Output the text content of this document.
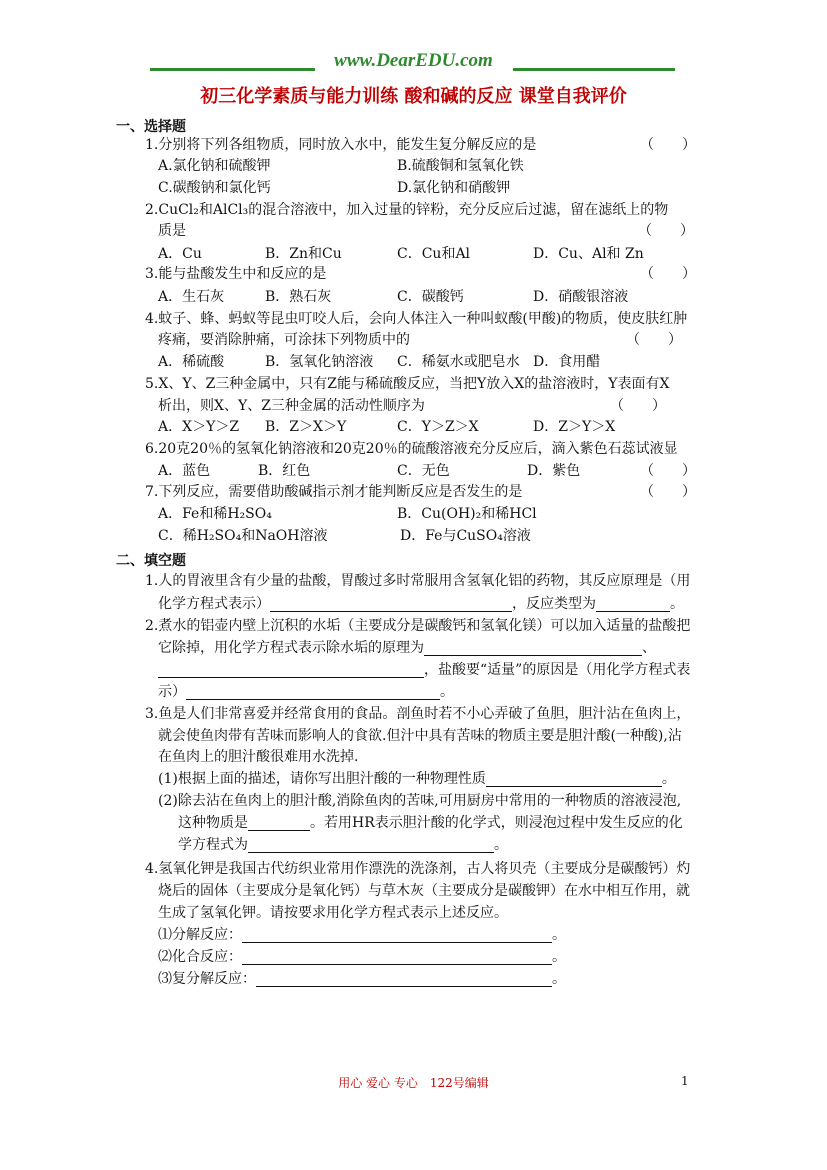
www.DearEDU.com
初三化学素质与能力训练 酸和碱的反应 课堂自我评价
一、选择题
1.分别将下列各组物质，同时放入水中，能发生复分解反应的是	（　　）
A.氯化钠和硫酸钾	B.硫酸铜和氢氧化铁
C.碳酸钠和氯化钙	D.氯化钠和硝酸钾
2.CuCl₂和AlCl₃的混合溶液中，加入过量的锌粉，充分反应后过滤，留在滤纸上的物
质是	（　　）
A．Cu	B．Zn和Cu	C．Cu和Al	D．Cu、Al和 Zn
3.能与盐酸发生中和反应的是	（　　）
A．生石灰	B．熟石灰	C．碳酸钙	D．硝酸银溶液
4.蚊子、蜂、蚂蚁等昆虫叮咬人后，会向人体注入一种叫蚁酸(甲酸)的物质，使皮肤红肿
疼痛，要消除肿痛，可涂抹下列物质中的	（　　）
A．稀硫酸	B．氢氧化钠溶液 C．稀氨水或肥皂水 D．食用醋
5.X、Y、Z三种金属中，只有Z能与稀硫酸反应，当把Y放入X的盐溶液时，Y表面有X
析出，则X、Y、Z三种金属的活动性顺序为	（　　）
A．X＞Y＞Z B．Z＞X＞Y	C．Y＞Z＞X	D．Z＞Y＞X
6.20克20％的氢氧化钠溶液和20克20％的硫酸溶液充分反应后，滴入紫色石蕊试液显
A．蓝色	B．红色	C．无色	D．紫色	（　　）
7.下列反应，需要借助酸碱指示剂才能判断反应是否发生的是	（　　）
A．Fe和稀H₂SO₄	B．Cu(OH)₂和稀HCl
C．稀H₂SO₄和NaOH溶液	D．Fe与CuSO₄溶液
二、填空题
1.人的胃液里含有少量的盐酸，胃酸过多时常服用含氢氧化铝的药物，其反应原理是（用
化学方程式表示）	，反应类型为	。
2.煮水的铝壶内壁上沉积的水垢（主要成分是碳酸钙和氢氧化镁）可以加入适量的盐酸把
它除掉，用化学方程式表示除水垢的原理为	、
，盐酸要“适量”的原因是（用化学方程式表
示）	。
3.鱼是人们非常喜爱并经常食用的食品。剖鱼时若不小心弄破了鱼胆，胆汁沾在鱼肉上，
就会使鱼肉带有苦味而影响人的食欲.但汁中具有苦味的物质主要是胆汁酸(一种酸),沾
在鱼肉上的胆汁酸很难用水洗掉.
(1)根据上面的描述，请你写出胆汁酸的一种物理性质	。
(2)除去沾在鱼肉上的胆汁酸,消除鱼肉的苦味,可用厨房中常用的一种物质的溶液浸泡,
这种物质是	。若用HR表示胆汁酸的化学式，则浸泡过程中发生反应的化
学方程式为	。
4.氢氧化钾是我国古代纺织业常用作漂洗的洗涤剂，古人将贝壳（主要成分是碳酸钙）灼
烧后的固体（主要成分是氧化钙）与草木灰（主要成分是碳酸钾）在水中相互作用，就
生成了氢氧化钾。请按要求用化学方程式表示上述反应。
⑴分解反应：	。
⑵化合反应：	。
⑶复分解反应：	。
用心 爱心 专心　122号编辑	1
